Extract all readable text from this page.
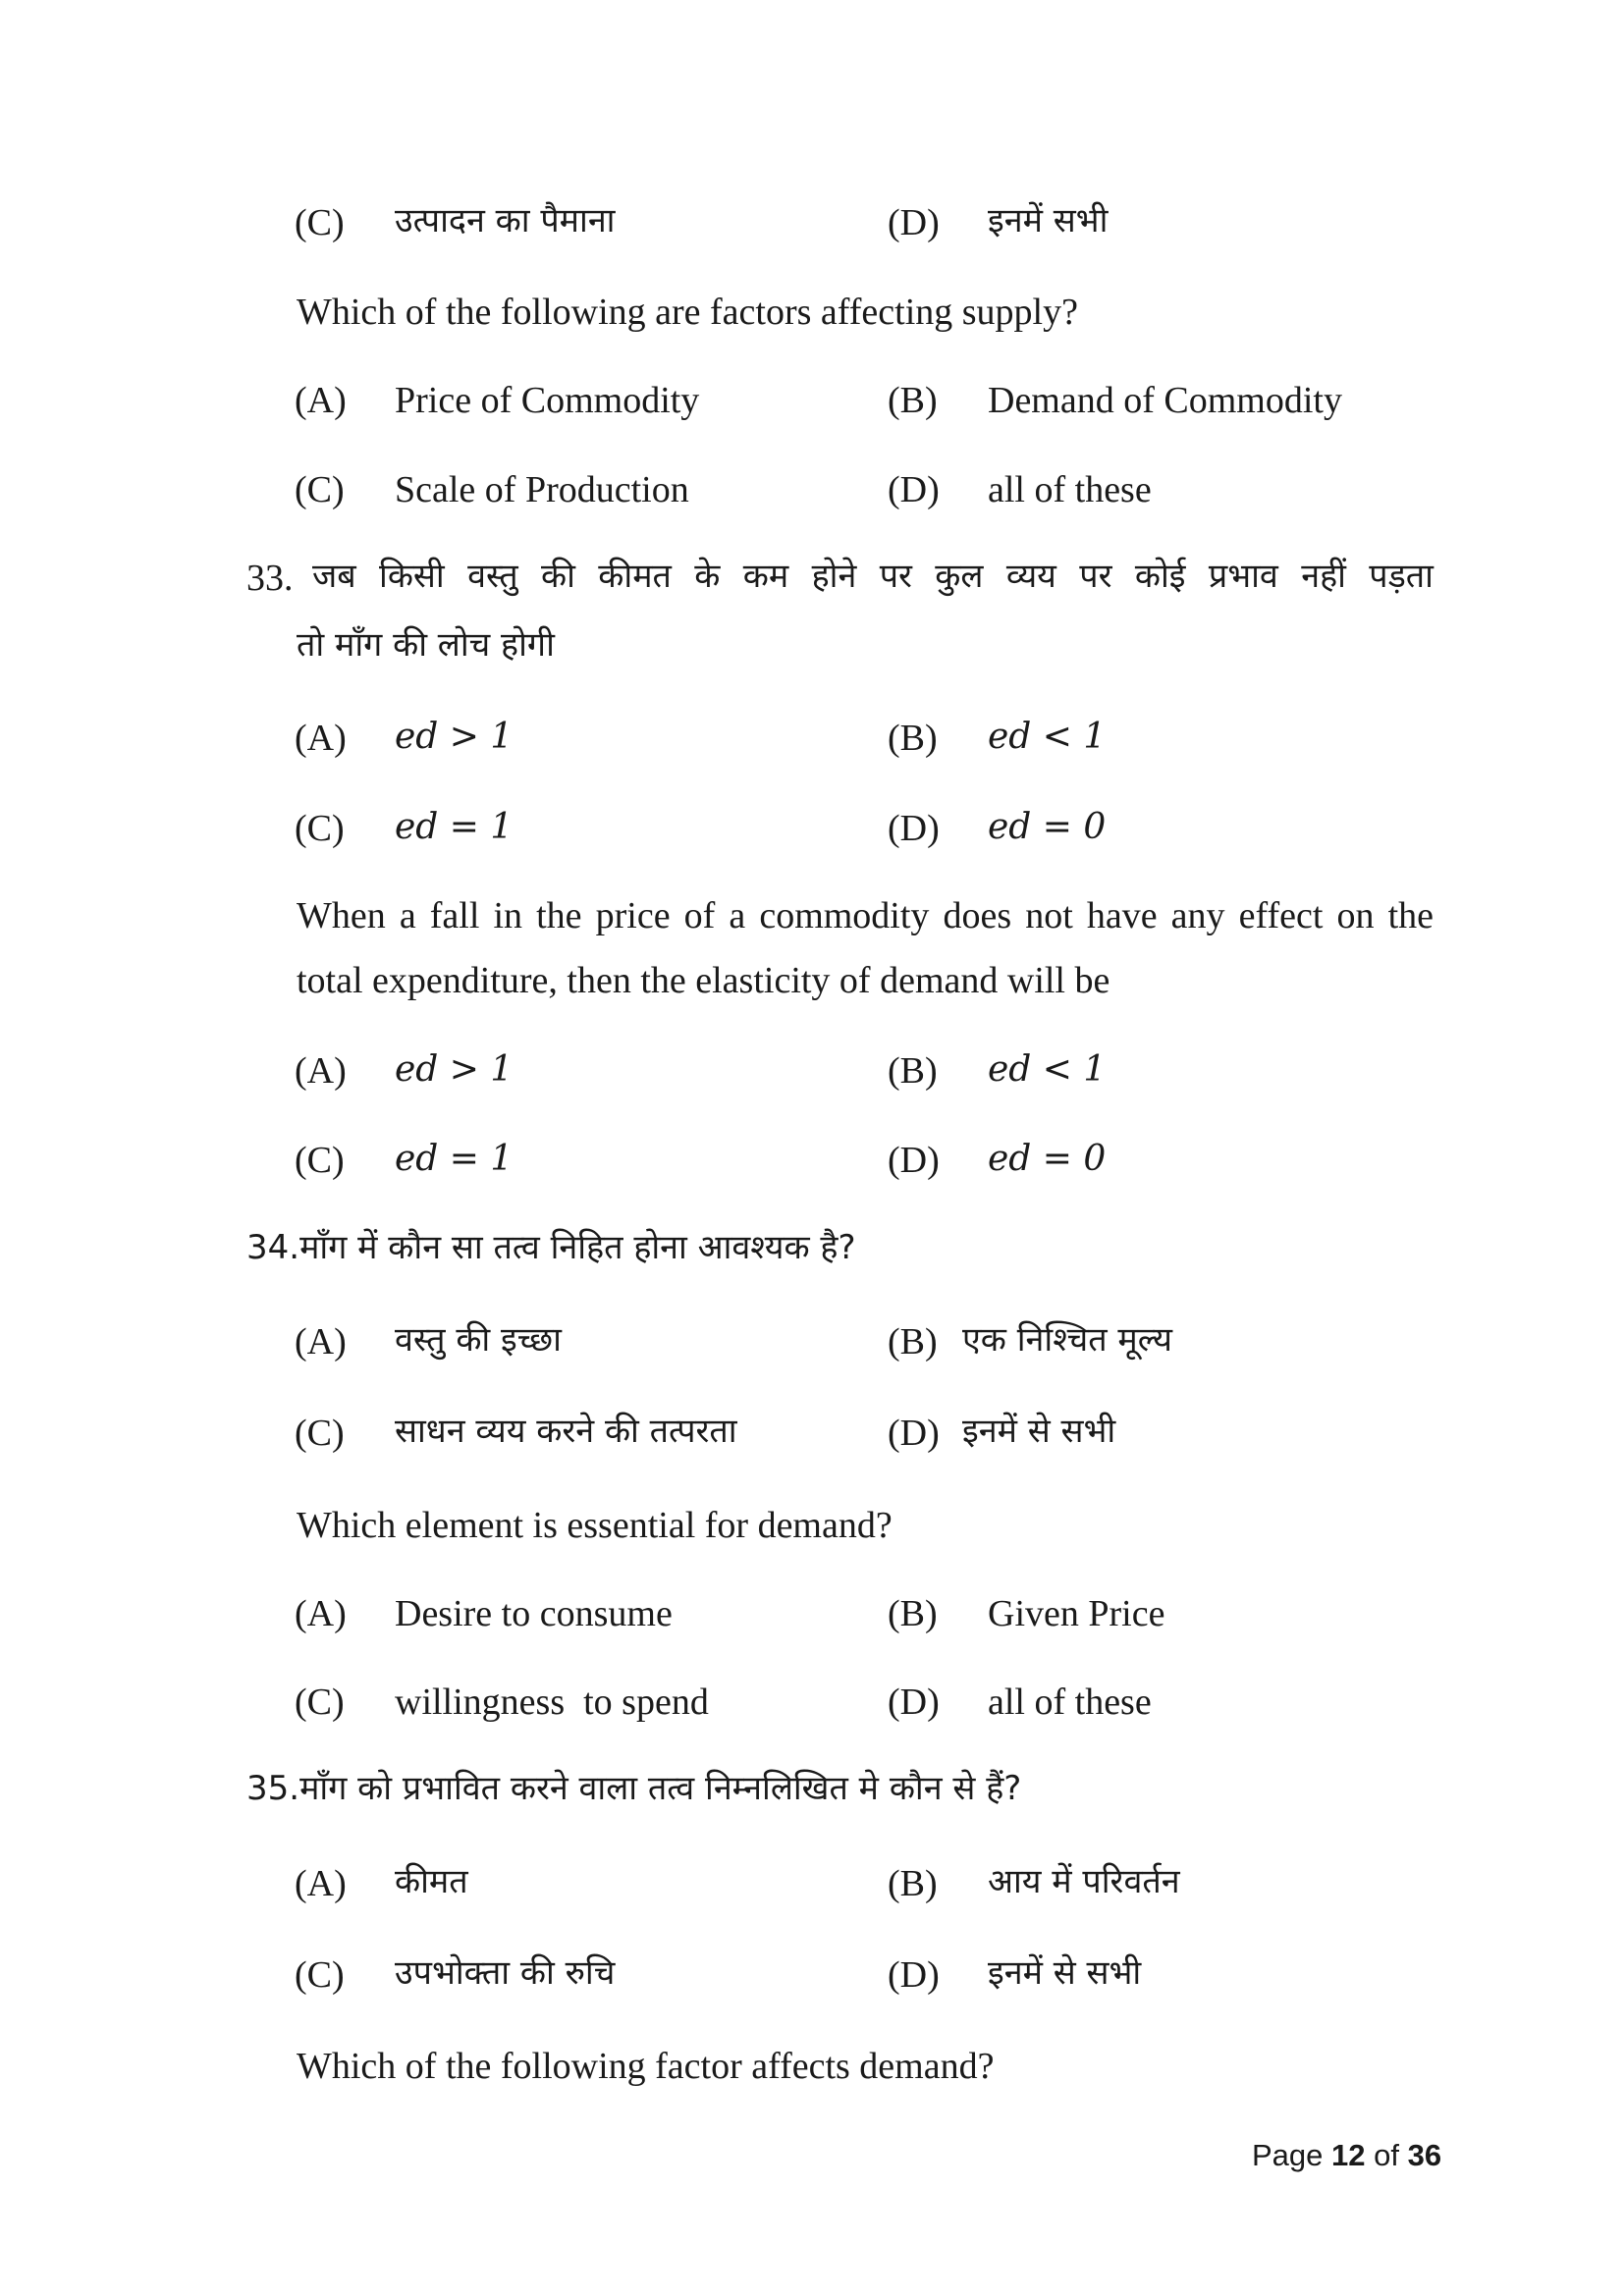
(C) उत्पादन का पैमाना	(D) इनमें सभी
Which of the following are factors affecting supply?
(A) Price of Commodity	(B) Demand of Commodity
(C) Scale of Production	(D) all of these
33. जब किसी वस्तु की कीमत के कम होने पर कुल व्यय पर कोई प्रभाव नहीं पड़ता
तो माँग की लोच होगी
(A) ed > 1	(B) ed < 1
(C) ed = 1	(D) ed = 0
When a fall in the price of a commodity does not have any effect on the
total expenditure, then the elasticity of demand will be
(A) ed > 1	(B) ed < 1
(C) ed = 1	(D) ed = 0
34.माँग में कौन सा तत्व निहित होना आवश्यक है?
(A) वस्तु की इच्छा	(B) एक निश्चित मूल्य
(C) साधन व्यय करने की तत्परता	(D) इनमें से सभी
Which element is essential for demand?
(A) Desire to consume	(B) Given Price
(C) willingness  to spend	(D) all of these
35.माँग को प्रभावित करने वाला तत्व निम्नलिखित मे कौन से हैं?
(A) कीमत	(B) आय में परिवर्तन
(C) उपभोक्ता की रुचि	(D) इनमें से सभी
Which of the following factor affects demand?
Page 12 of 36
